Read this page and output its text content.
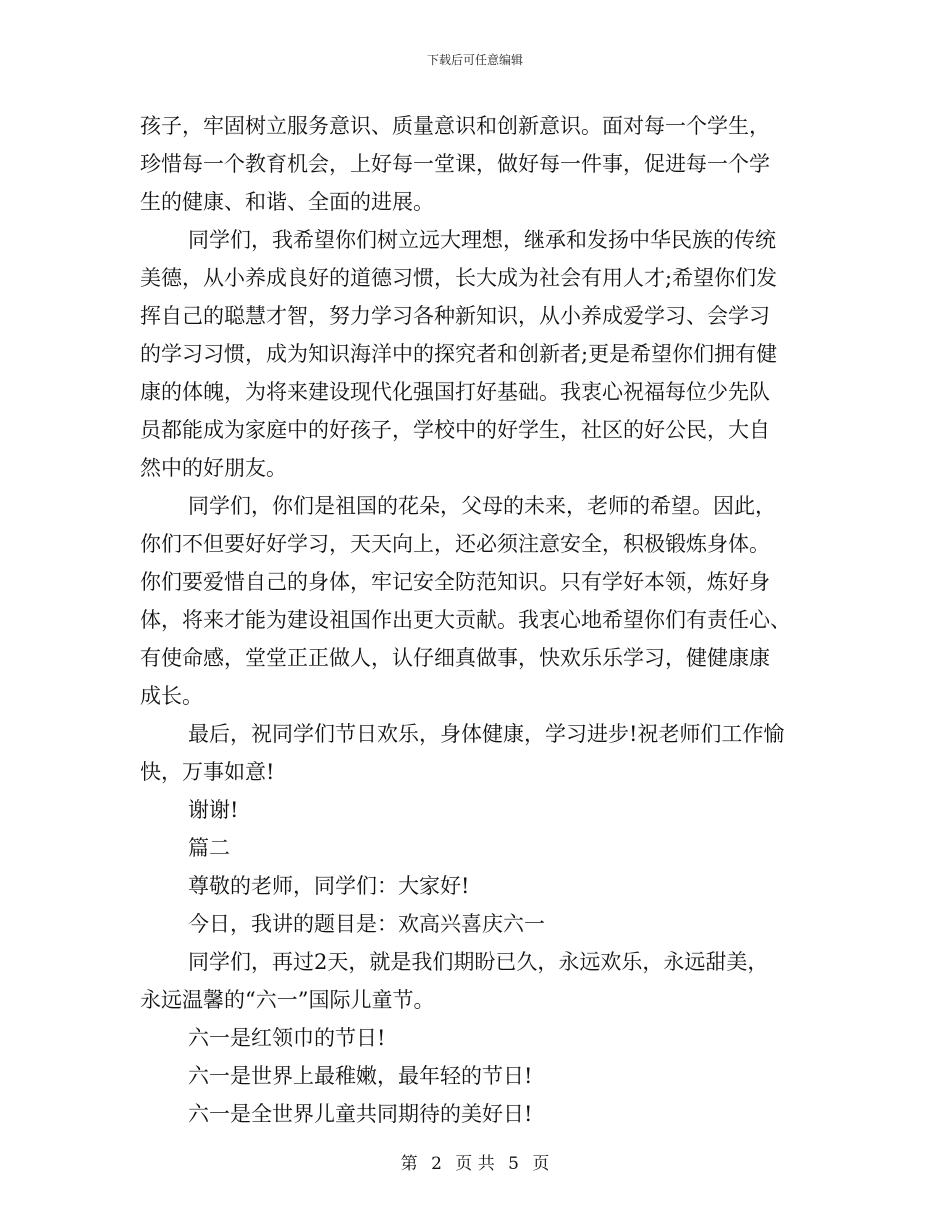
下载后可任意编辑
孩子，牢固树立服务意识、质量意识和创新意识。面对每一个学生，
珍惜每一个教育机会，上好每一堂课，做好每一件事，促进每一个学
生的健康、和谐、全面的进展。
同学们，我希望你们树立远大理想，继承和发扬中华民族的传统
美德，从小养成良好的道德习惯，长大成为社会有用人才;希望你们发
挥自己的聪慧才智，努力学习各种新知识，从小养成爱学习、会学习
的学习习惯，成为知识海洋中的探究者和创新者;更是希望你们拥有健
康的体魄，为将来建设现代化强国打好基础。我衷心祝福每位少先队
员都能成为家庭中的好孩子，学校中的好学生，社区的好公民，大自
然中的好朋友。
同学们，你们是祖国的花朵，父母的未来，老师的希望。因此，
你们不但要好好学习，天天向上，还必须注意安全，积极锻炼身体。
你们要爱惜自己的身体，牢记安全防范知识。只有学好本领，炼好身
体，将来才能为建设祖国作出更大贡献。我衷心地希望你们有责任心、
有使命感，堂堂正正做人，认仔细真做事，快欢乐乐学习，健健康康
成长。
最后，祝同学们节日欢乐，身体健康，学习进步!祝老师们工作愉
快，万事如意!
谢谢!
篇二
尊敬的老师，同学们：大家好!
今日，我讲的题目是：欢高兴喜庆六一
同学们，再过2天，就是我们期盼已久，永远欢乐，永远甜美，
永远温馨的“六一”国际儿童节。
六一是红领巾的节日!
六一是世界上最稚嫩，最年轻的节日!
六一是全世界儿童共同期待的美好日!
第 2 页 共 5 页
